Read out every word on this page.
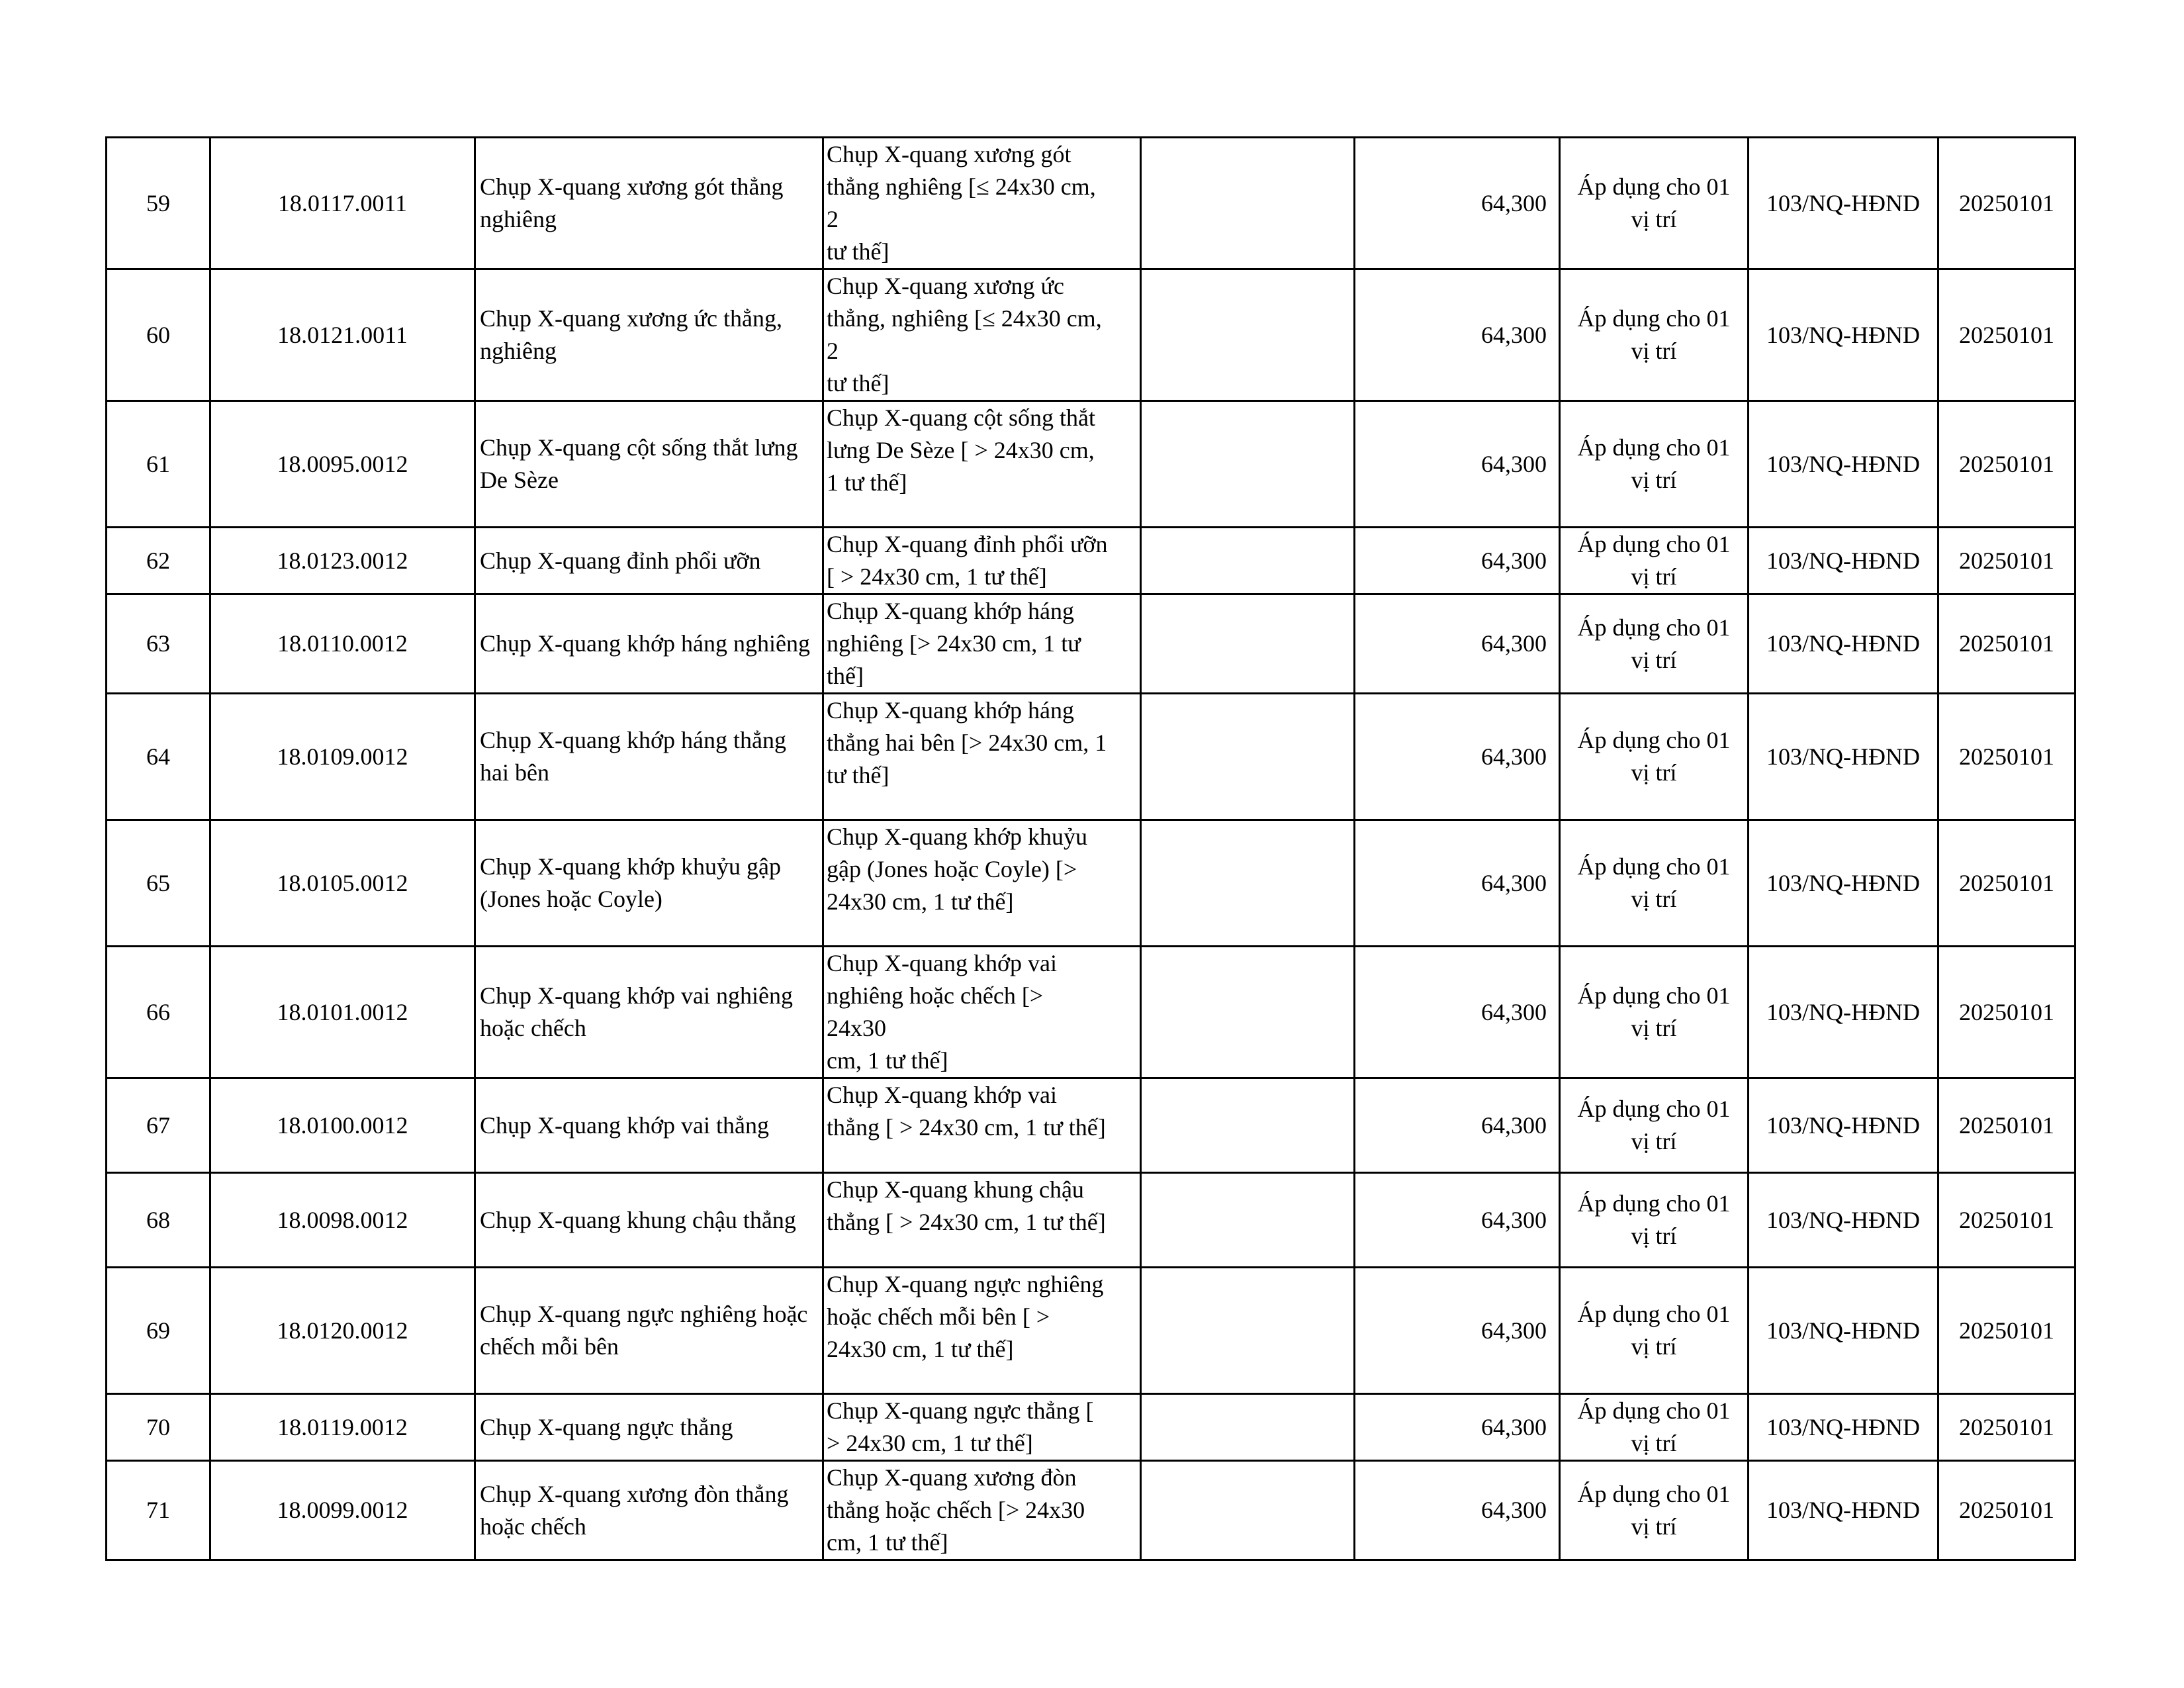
59	18.0117.0011	Chụp X-quang xương gót thẳng nghiêng	Chụp X-quang xương gót
thẳng nghiêng [≤ 24x30 cm,
2
tư thế]		64,300	Áp dụng cho 01 vị trí	103/NQ-HĐND	20250101
60	18.0121.0011	Chụp X-quang xương ức thẳng, nghiêng	Chụp X-quang xương ức
thẳng, nghiêng [≤ 24x30 cm,
2
tư thế]		64,300	Áp dụng cho 01 vị trí	103/NQ-HĐND	20250101
61	18.0095.0012	Chụp X-quang cột sống thắt lưng De Sèze	Chụp X-quang cột sống thắt
lưng De Sèze [ > 24x30 cm,
1 tư thế]		64,300	Áp dụng cho 01 vị trí	103/NQ-HĐND	20250101
62	18.0123.0012	Chụp X-quang đỉnh phổi ưỡn	Chụp X-quang đỉnh phổi ưỡn
[ > 24x30 cm, 1 tư thế]		64,300	Áp dụng cho 01 vị trí	103/NQ-HĐND	20250101
63	18.0110.0012	Chụp X-quang khớp háng nghiêng	Chụp X-quang khớp háng
nghiêng [> 24x30 cm, 1 tư
thế]		64,300	Áp dụng cho 01 vị trí	103/NQ-HĐND	20250101
64	18.0109.0012	Chụp X-quang khớp háng thẳng hai bên	Chụp X-quang khớp háng
thẳng hai bên [> 24x30 cm, 1
tư thế]		64,300	Áp dụng cho 01 vị trí	103/NQ-HĐND	20250101
65	18.0105.0012	Chụp X-quang khớp khuỷu gập (Jones hoặc Coyle)	Chụp X-quang khớp khuỷu
gập (Jones hoặc Coyle) [>
24x30 cm, 1 tư thế]		64,300	Áp dụng cho 01 vị trí	103/NQ-HĐND	20250101
66	18.0101.0012	Chụp X-quang khớp vai nghiêng hoặc chếch	Chụp X-quang khớp vai
nghiêng hoặc chếch [>
24x30
cm, 1 tư thế]		64,300	Áp dụng cho 01 vị trí	103/NQ-HĐND	20250101
67	18.0100.0012	Chụp X-quang khớp vai thẳng	Chụp X-quang khớp vai
thẳng [ > 24x30 cm, 1 tư thế]		64,300	Áp dụng cho 01 vị trí	103/NQ-HĐND	20250101
68	18.0098.0012	Chụp X-quang khung chậu thẳng	Chụp X-quang khung chậu
thẳng [ > 24x30 cm, 1 tư thế]		64,300	Áp dụng cho 01 vị trí	103/NQ-HĐND	20250101
69	18.0120.0012	Chụp X-quang ngực nghiêng hoặc chếch mỗi bên	Chụp X-quang ngực nghiêng
hoặc chếch mỗi bên [ >
24x30 cm, 1 tư thế]		64,300	Áp dụng cho 01 vị trí	103/NQ-HĐND	20250101
70	18.0119.0012	Chụp X-quang ngực thẳng	Chụp X-quang ngực thẳng [
> 24x30 cm, 1 tư thế]		64,300	Áp dụng cho 01 vị trí	103/NQ-HĐND	20250101
71	18.0099.0012	Chụp X-quang xương đòn thẳng hoặc chếch	Chụp X-quang xương đòn
thẳng hoặc chếch [> 24x30
cm, 1 tư thế]		64,300	Áp dụng cho 01 vị trí	103/NQ-HĐND	20250101
